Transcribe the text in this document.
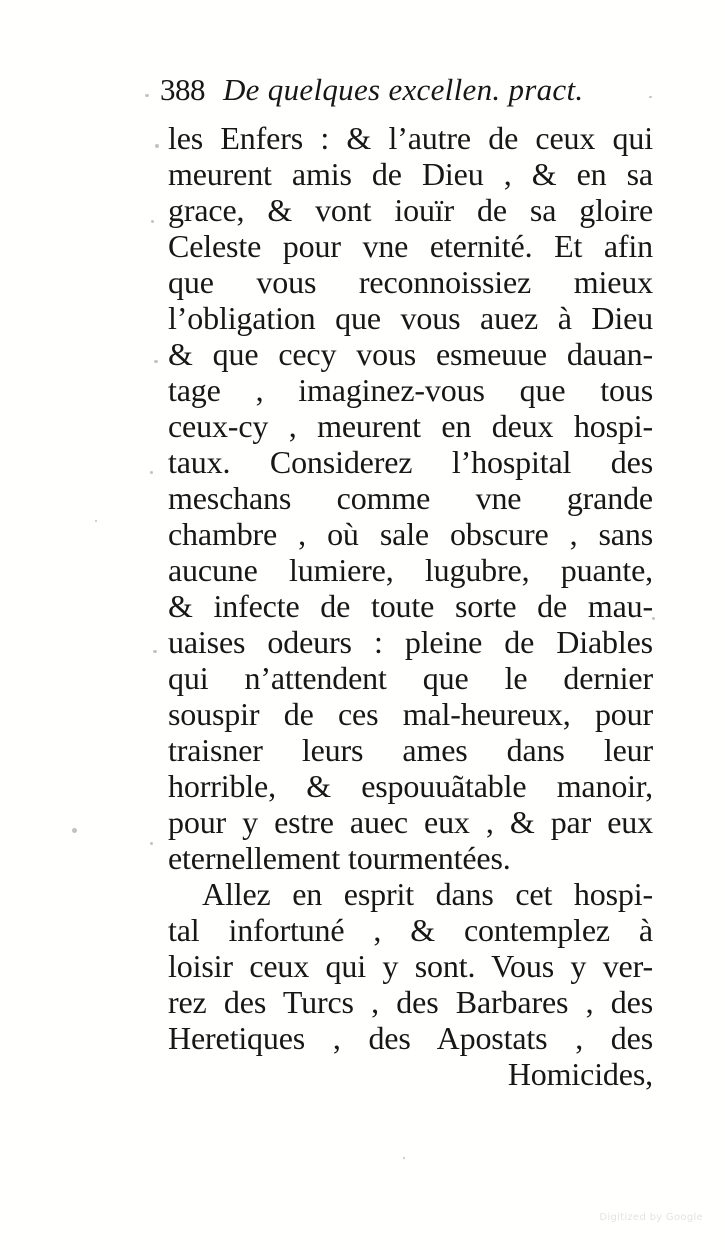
388 De quelques excellen. pract.
les Enfers : & l’autre de ceux qui
meurent amis de Dieu , & en sa
grace, & vont iouïr de sa gloire
Celeste pour vne eternité. Et afin
que vous reconnoissiez mieux
l’obligation que vous auez à Dieu
& que cecy vous esmeuue dauan-
tage , imaginez-vous que tous
ceux-cy , meurent en deux hospi-
taux. Considerez l’hospital des
meschans comme vne grande
chambre , où sale obscure , sans
aucune lumiere, lugubre, puante,
& infecte de toute sorte de mau-
uaises odeurs : pleine de Diables
qui n’attendent que le dernier
souspir de ces mal-heureux, pour
traisner leurs ames dans leur
horrible, & espouuãtable manoir,
pour y estre auec eux , & par eux
eternellement tourmentées.
Allez en esprit dans cet hospi-
tal infortuné , & contemplez à
loisir ceux qui y sont. Vous y ver-
rez des Turcs , des Barbares , des
Heretiques , des Apostats , des
Homicides,
Digitized by Google
